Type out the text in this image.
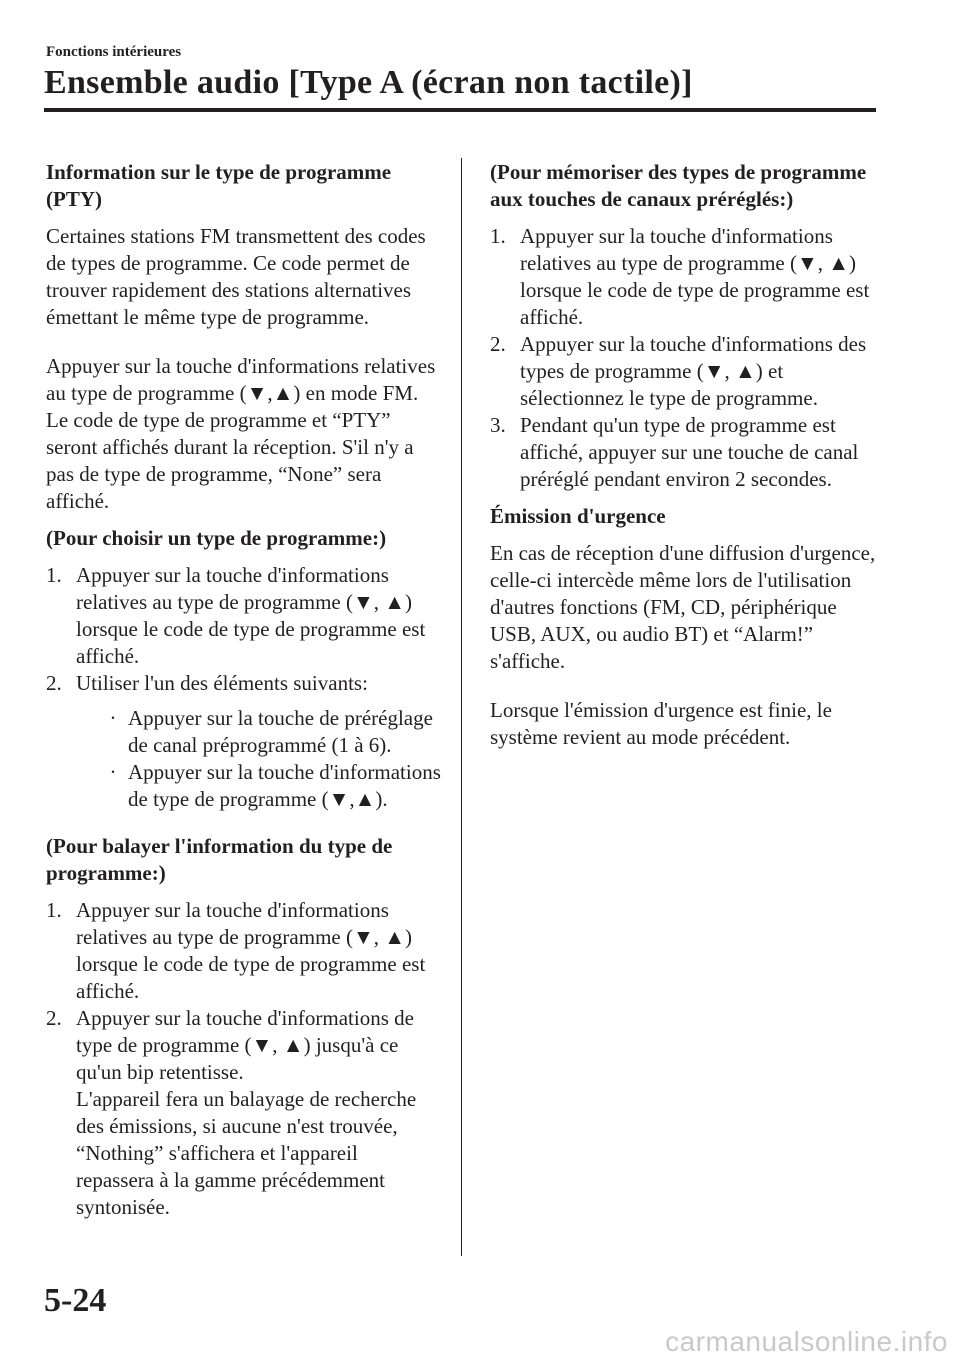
Fonctions intérieures
Ensemble audio [Type A (écran non tactile)]
Information sur le type de programme (PTY)
Certaines stations FM transmettent des codes de types de programme. Ce code permet de trouver rapidement des stations alternatives émettant le même type de programme.
Appuyer sur la touche d'informations relatives au type de programme (▼,▲) en mode FM. Le code de type de programme et “PTY” seront affichés durant la réception. S'il n'y a pas de type de programme, “None” sera affiché.
(Pour choisir un type de programme:)
1. Appuyer sur la touche d'informations relatives au type de programme (▼, ▲) lorsque le code de type de programme est affiché.
2. Utiliser l'un des éléments suivants:
· Appuyer sur la touche de préréglage de canal préprogrammé (1 à 6).
· Appuyer sur la touche d'informations de type de programme (▼,▲).
(Pour balayer l'information du type de programme:)
1. Appuyer sur la touche d'informations relatives au type de programme (▼, ▲) lorsque le code de type de programme est affiché.
2. Appuyer sur la touche d'informations de type de programme (▼, ▲) jusqu'à ce qu'un bip retentisse.
L'appareil fera un balayage de recherche des émissions, si aucune n'est trouvée, “Nothing” s'affichera et l'appareil repassera à la gamme précédemment syntonisée.
(Pour mémoriser des types de programme aux touches de canaux préréglés:)
1. Appuyer sur la touche d'informations relatives au type de programme (▼, ▲) lorsque le code de type de programme est affiché.
2. Appuyer sur la touche d'informations des types de programme (▼, ▲) et sélectionnez le type de programme.
3. Pendant qu'un type de programme est affiché, appuyer sur une touche de canal préréglé pendant environ 2 secondes.
Émission d'urgence
En cas de réception d'une diffusion d'urgence, celle-ci intercède même lors de l'utilisation d'autres fonctions (FM, CD, périphérique USB, AUX, ou audio BT) et “Alarm!” s'affiche.
Lorsque l'émission d'urgence est finie, le système revient au mode précédent.
5-24
carmanualsonline.info
